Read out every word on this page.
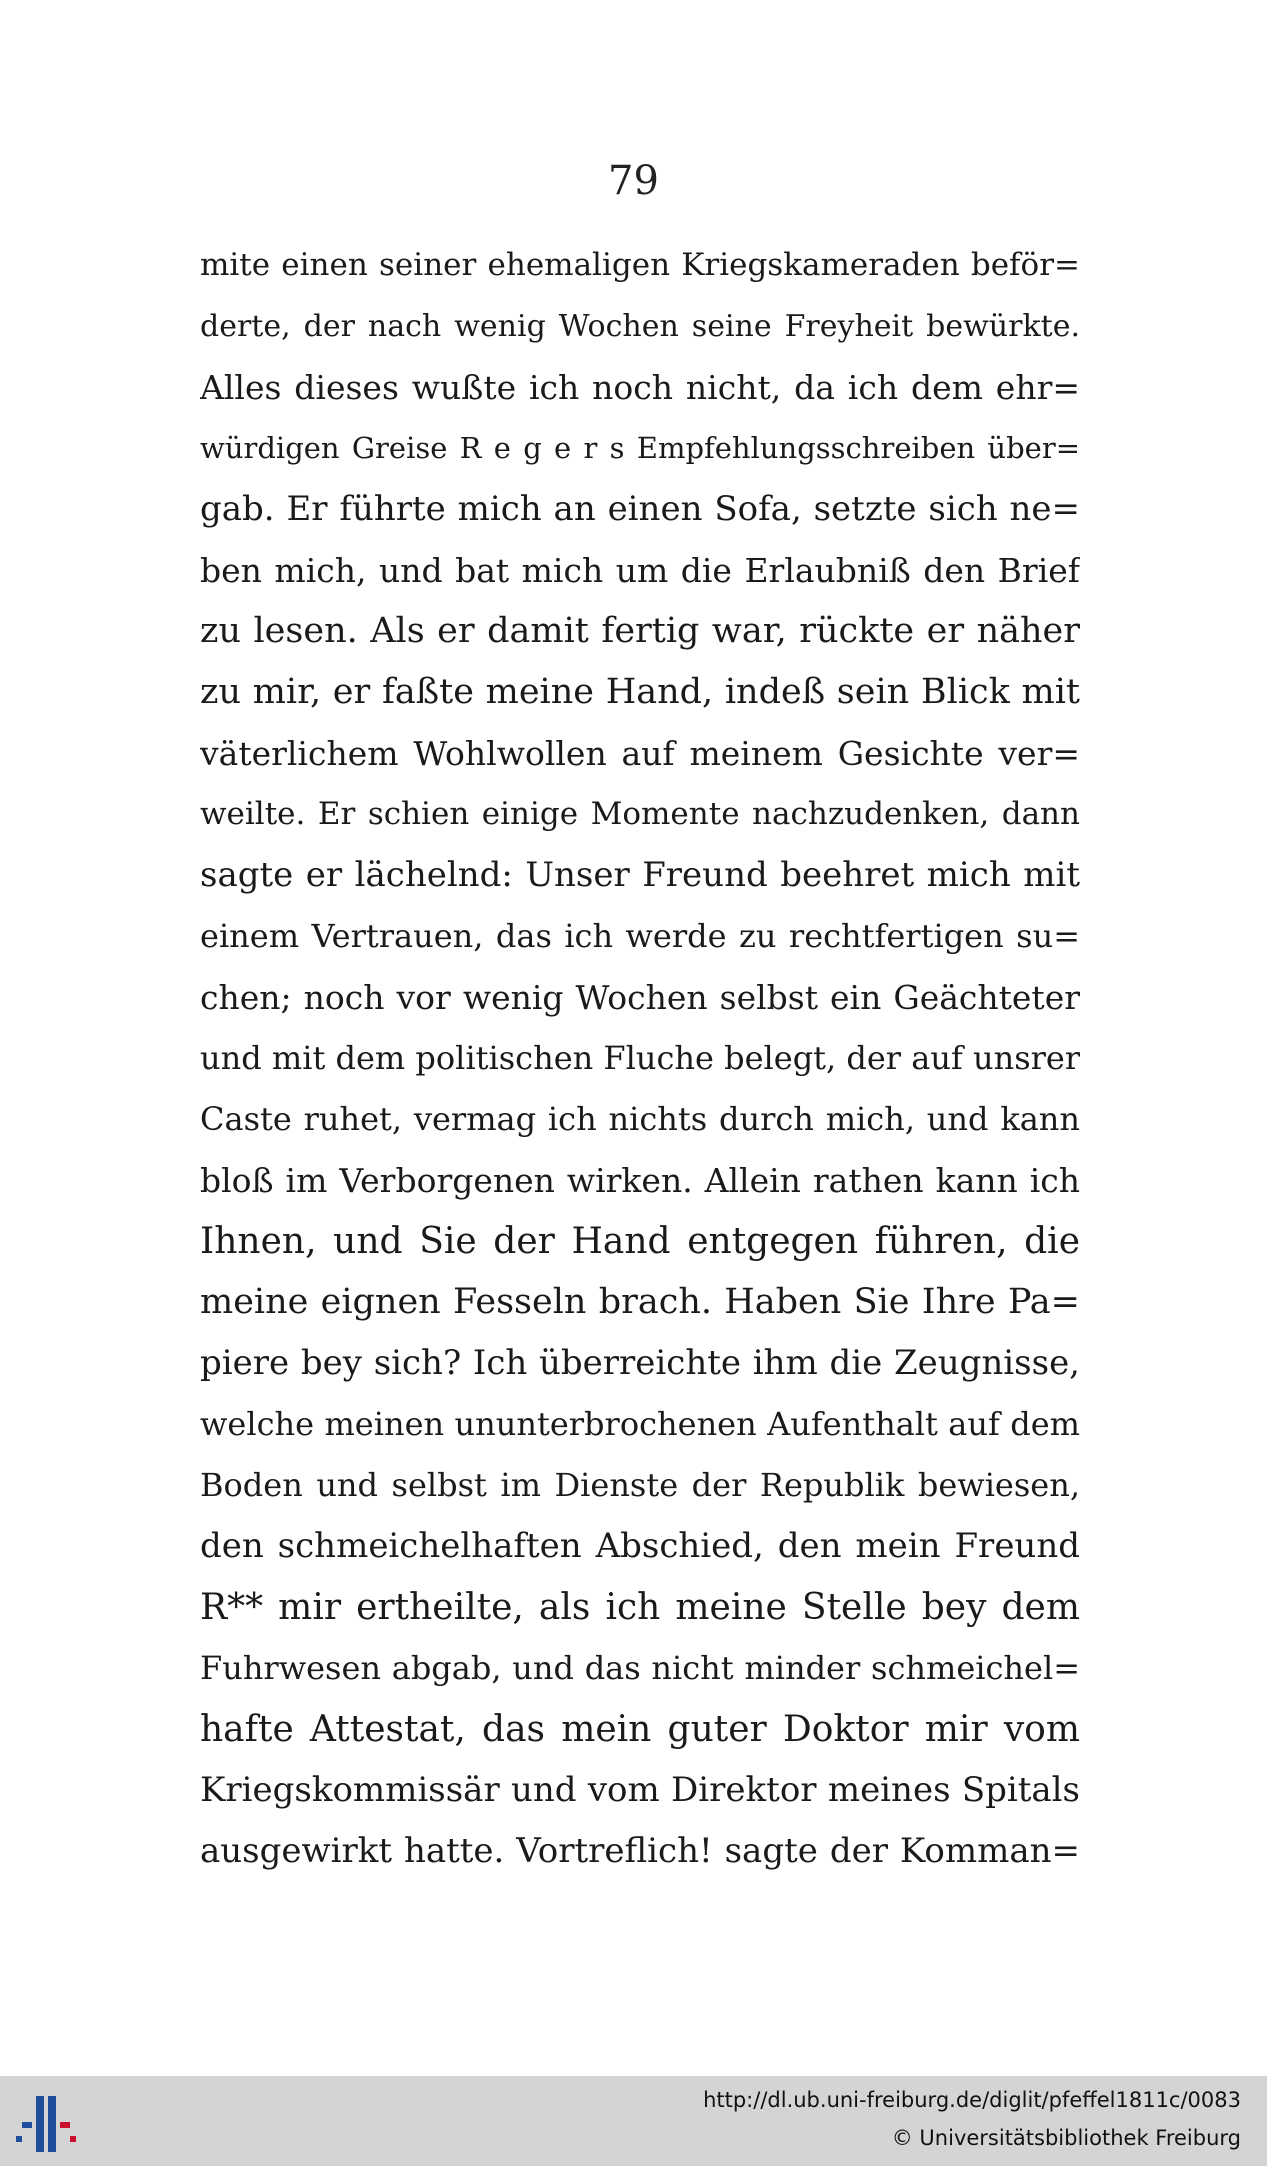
79
mite einen seiner ehemaligen Kriegskameraden beför=
derte, der nach wenig Wochen seine Freyheit bewürkte.
Alles dieses wußte ich noch nicht, da ich dem ehr=
würdigen Greise R e g e r s Empfehlungsschreiben über=
gab. Er führte mich an einen Sofa, setzte sich ne=
ben mich, und bat mich um die Erlaubniß den Brief
zu lesen. Als er damit fertig war, rückte er näher
zu mir, er faßte meine Hand, indeß sein Blick mit
väterlichem Wohlwollen auf meinem Gesichte ver=
weilte. Er schien einige Momente nachzudenken, dann
sagte er lächelnd: Unser Freund beehret mich mit
einem Vertrauen, das ich werde zu rechtfertigen su=
chen; noch vor wenig Wochen selbst ein Geächteter
und mit dem politischen Fluche belegt, der auf unsrer
Caste ruhet, vermag ich nichts durch mich, und kann
bloß im Verborgenen wirken. Allein rathen kann ich
Ihnen, und Sie der Hand entgegen führen, die
meine eignen Fesseln brach. Haben Sie Ihre Pa=
piere bey sich? Ich überreichte ihm die Zeugnisse,
welche meinen ununterbrochenen Aufenthalt auf dem
Boden und selbst im Dienste der Republik bewiesen,
den schmeichelhaften Abschied, den mein Freund
R** mir ertheilte, als ich meine Stelle bey dem
Fuhrwesen abgab, und das nicht minder schmeichel=
hafte Attestat, das mein guter Doktor mir vom
Kriegskommissär und vom Direktor meines Spitals
ausgewirkt hatte. Vortreflich! sagte der Komman=
http://dl.ub.uni-freiburg.de/diglit/pfeffel1811c/0083
© Universitätsbibliothek Freiburg
